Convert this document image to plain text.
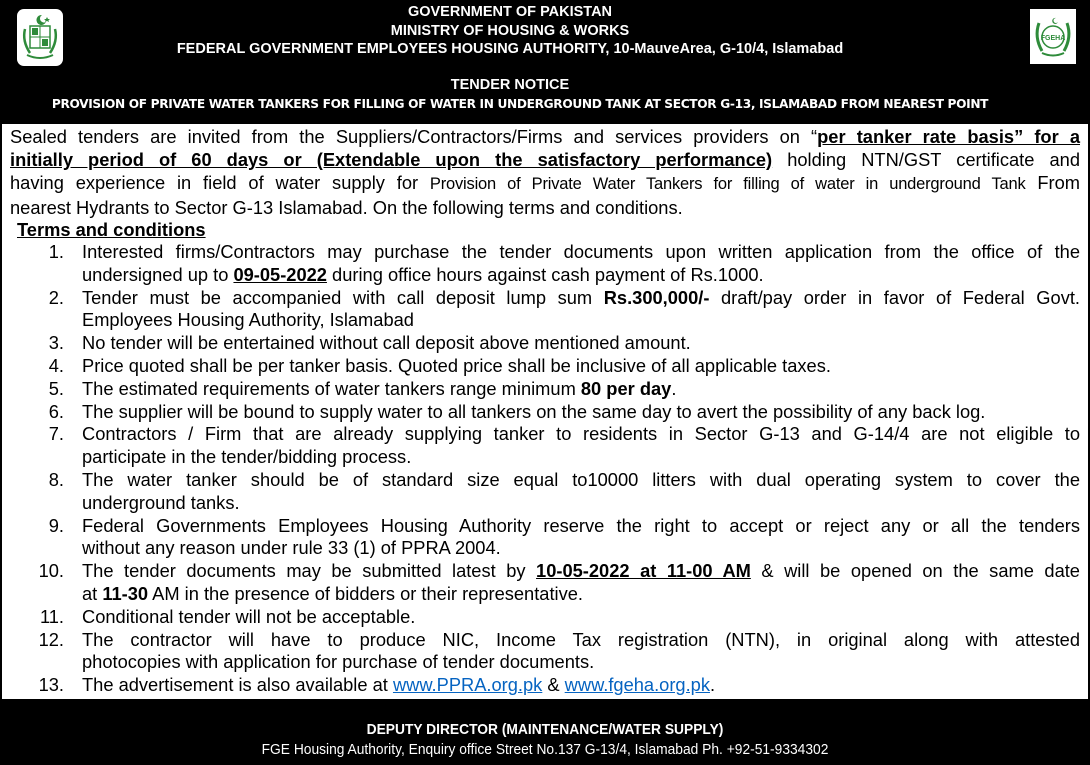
FGEHA
GOVERNMENT OF PAKISTAN
MINISTRY OF HOUSING & WORKS
FEDERAL GOVERNMENT EMPLOYEES HOUSING AUTHORITY, 10-MauveArea, G-10/4, Islamabad
TENDER NOTICE
PROVISION OF PRIVATE WATER TANKERS FOR FILLING OF WATER IN UNDERGROUND TANK AT SECTOR G-13, ISLAMABAD FROM NEAREST POINT
Sealed tenders are invited from the Suppliers/Contractors/Firms and services providers on “per tanker rate basis” for a
initially period of 60 days or (Extendable upon the satisfactory performance) holding NTN/GST certificate and
having experience in field of water supply for Provision of Private Water Tankers for filling of water in underground Tank From
nearest Hydrants to Sector G-13 Islamabad. On the following terms and conditions.
Terms and conditions
1. Interested firms/Contractors may purchase the tender documents upon written application from the office of the
undersigned up to 09-05-2022 during office hours against cash payment of Rs.1000.
2. Tender must be accompanied with call deposit lump sum Rs.300,000/- draft/pay order in favor of Federal Govt.
Employees Housing Authority, Islamabad
3. No tender will be entertained without call deposit above mentioned amount.
4. Price quoted shall be per tanker basis. Quoted price shall be inclusive of all applicable taxes.
5. The estimated requirements of water tankers range minimum 80 per day.
6. The supplier will be bound to supply water to all tankers on the same day to avert the possibility of any back log.
7. Contractors / Firm that are already supplying tanker to residents in Sector G-13 and G-14/4 are not eligible to
participate in the tender/bidding process.
8. The water tanker should be of standard size equal to10000 litters with dual operating system to cover the
underground tanks.
9. Federal Governments Employees Housing Authority reserve the right to accept or reject any or all the tenders
without any reason under rule 33 (1) of PPRA 2004.
10. The tender documents may be submitted latest by 10-05-2022 at 11-00 AM & will be opened on the same date
at 11-30 AM in the presence of bidders or their representative.
11. Conditional tender will not be acceptable.
12. The contractor will have to produce NIC, Income Tax registration (NTN), in original along with attested
photocopies with application for purchase of tender documents.
13. The advertisement is also available at www.PPRA.org.pk & www.fgeha.org.pk.
DEPUTY DIRECTOR (MAINTENANCE/WATER SUPPLY)
FGE Housing Authority, Enquiry office Street No.137 G-13/4, Islamabad Ph. +92-51-9334302
